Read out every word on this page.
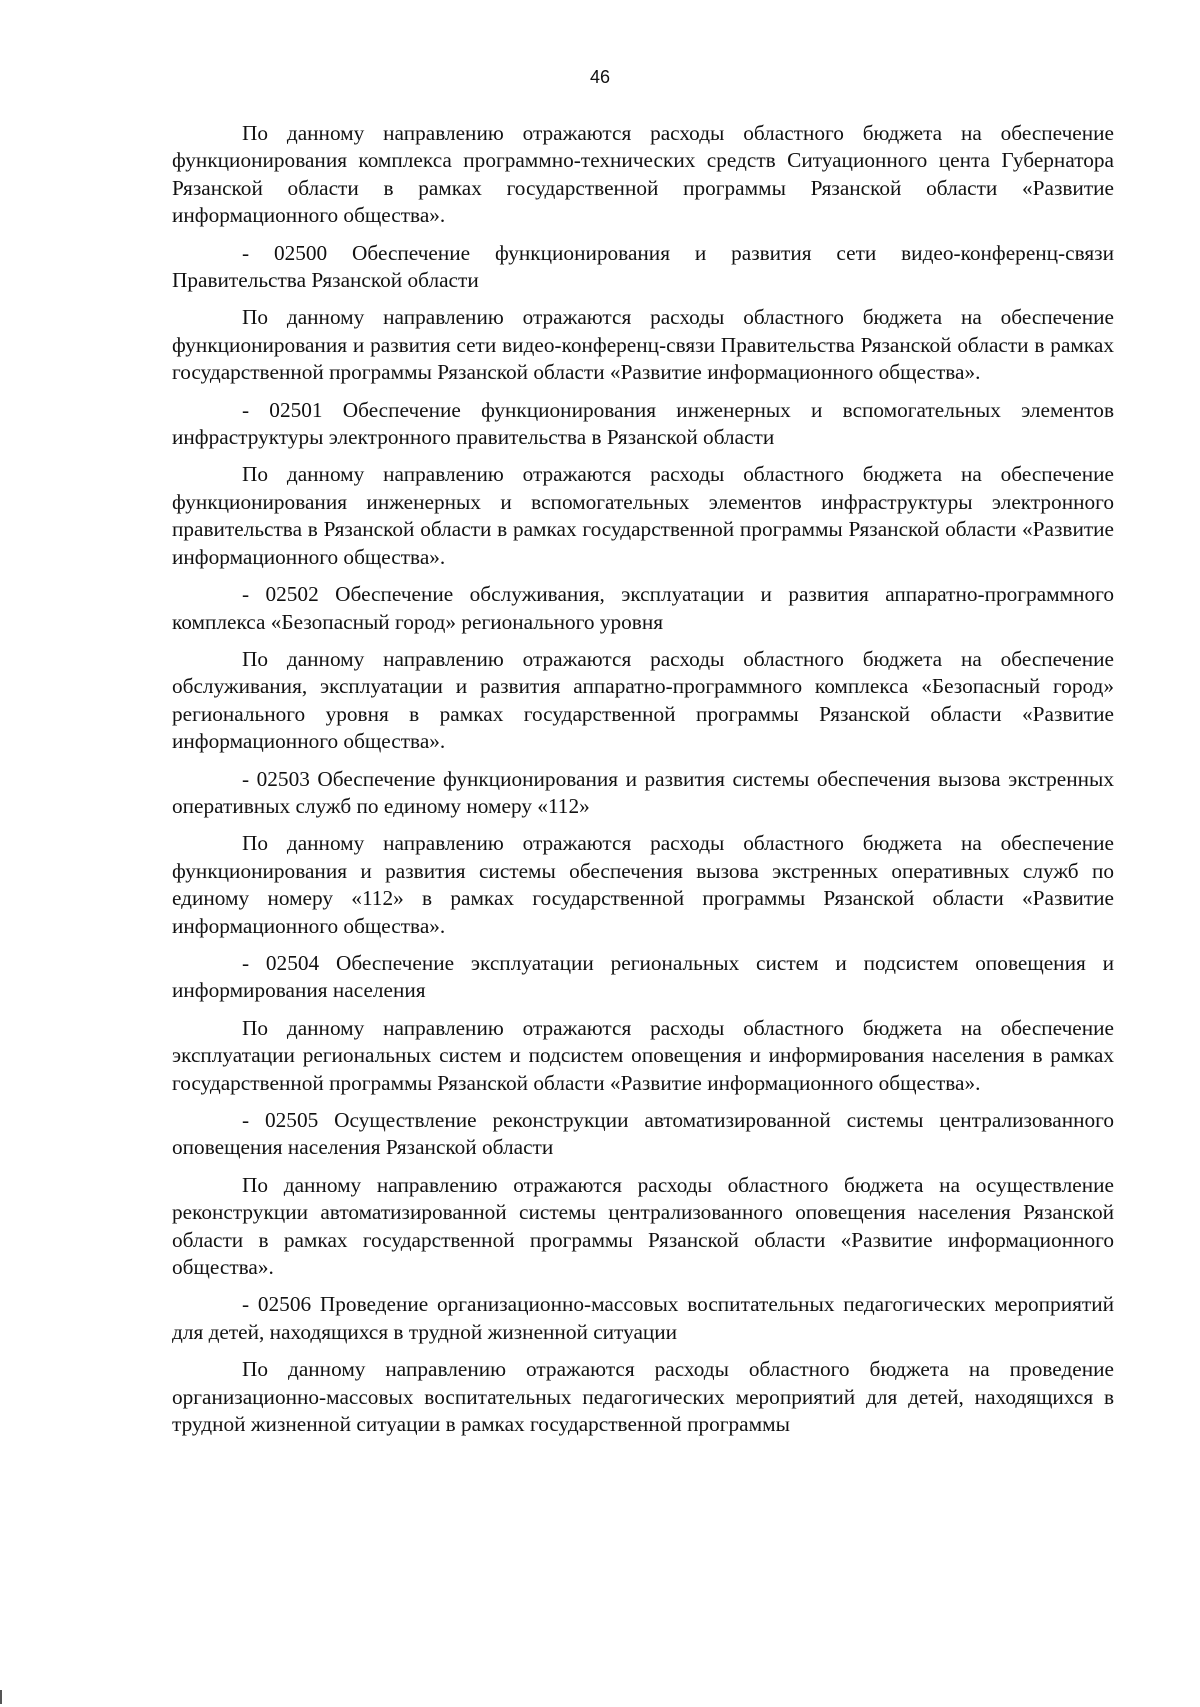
46

По данному направлению отражаются расходы областного бюджета на обеспечение функционирования комплекса программно-технических средств Ситуационного цента Губернатора Рязанской области в рамках государственной программы Рязанской области «Развитие информационного общества».

- 02500 Обеспечение функционирования и развития сети видео-конференц-связи Правительства Рязанской области

По данному направлению отражаются расходы областного бюджета на обеспечение функционирования и развития сети видео-конференц-связи Правительства Рязанской области в рамках государственной программы Рязанской области «Развитие информационного общества».

- 02501 Обеспечение функционирования инженерных и вспомогательных элементов инфраструктуры электронного правительства в Рязанской области

По данному направлению отражаются расходы областного бюджета на обеспечение функционирования инженерных и вспомогательных элементов инфраструктуры электронного правительства в Рязанской области в рамках государственной программы Рязанской области «Развитие информационного общества».

- 02502 Обеспечение обслуживания, эксплуатации и развития аппаратно-программного комплекса «Безопасный город» регионального уровня

По данному направлению отражаются расходы областного бюджета на обеспечение обслуживания, эксплуатации и развития аппаратно-программного комплекса «Безопасный город» регионального уровня в рамках государственной программы Рязанской области «Развитие информационного общества».

- 02503 Обеспечение функционирования и развития системы обеспечения вызова экстренных оперативных служб по единому номеру «112»

По данному направлению отражаются расходы областного бюджета на обеспечение функционирования и развития системы обеспечения вызова экстренных оперативных служб по единому номеру «112» в рамках государственной программы Рязанской области «Развитие информационного общества».

- 02504 Обеспечение эксплуатации региональных систем и подсистем оповещения и информирования населения

По данному направлению отражаются расходы областного бюджета на обеспечение эксплуатации региональных систем и подсистем оповещения и информирования населения в рамках государственной программы Рязанской области «Развитие информационного общества».

- 02505 Осуществление реконструкции автоматизированной системы централизованного оповещения населения Рязанской области

По данному направлению отражаются расходы областного бюджета на осуществление реконструкции автоматизированной системы централизованного оповещения населения Рязанской области в рамках государственной программы Рязанской области «Развитие информационного общества».

- 02506 Проведение организационно-массовых воспитательных педагогических мероприятий для детей, находящихся в трудной жизненной ситуации

По данному направлению отражаются расходы областного бюджета на проведение организационно-массовых воспитательных педагогических мероприятий для детей, находящихся в трудной жизненной ситуации в рамках государственной программы
